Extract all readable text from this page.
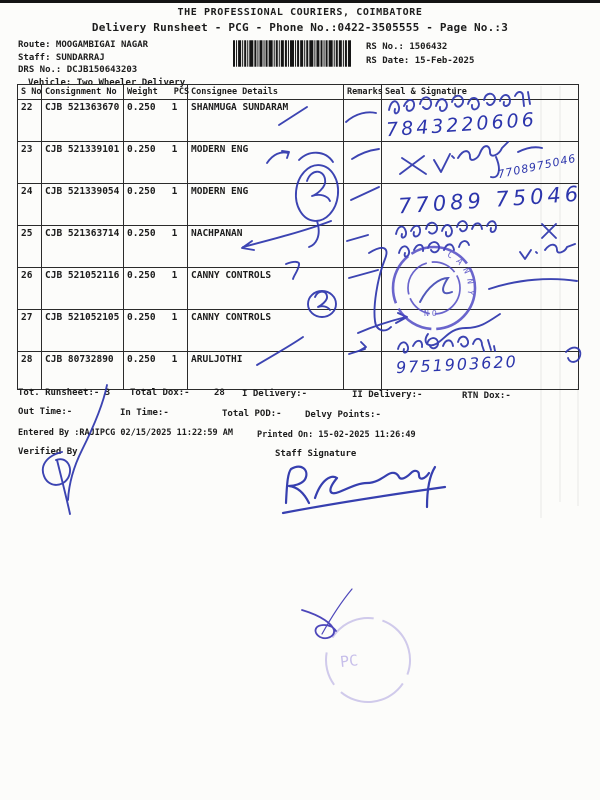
THE PROFESSIONAL COURIERS, COIMBATORE
Delivery Runsheet - PCG - Phone No.:0422-3505555 - Page No.:3
Route: MOOGAMBIGAI NAGAR
Staff: SUNDARRAJ
DRS No.: DCJB150643203
Vehicle: Two Wheeler Delivery
RS No.: 1506432
RS Date: 15-Feb-2025
S No	Consignment No	Weight PCS	Consignee Details	Remarks	Seal & Signature
22	CJB 521363670	0.250 1	SHANMUGA SUNDARAM		
23	CJB 521339101	0.250 1	MODERN ENG		
24	CJB 521339054	0.250 1	MODERN ENG		
25	CJB 521363714	0.250 1	NACHPANAN		
26	CJB 521052116	0.250 1	CANNY CONTROLS		
27	CJB 521052105	0.250 1	CANNY CONTROLS		
28	CJB 80732890	0.250 1	ARULJOTHI		
Tot. Runsheet:- 3 Total Dox:-	28 I Delivery:-	II Delivery:-	RTN Dox:-
Out Time:-	In Time:-	Total POD:-	Delvy Points:-
Entered By :RAJIPCG 02/15/2025 11:22:59 AM	Printed On: 15-02-2025 11:26:49
Verified By	Staff Signature
7843220606
7708975046
77089 75046
9751903620
CANNY
NO
PC
